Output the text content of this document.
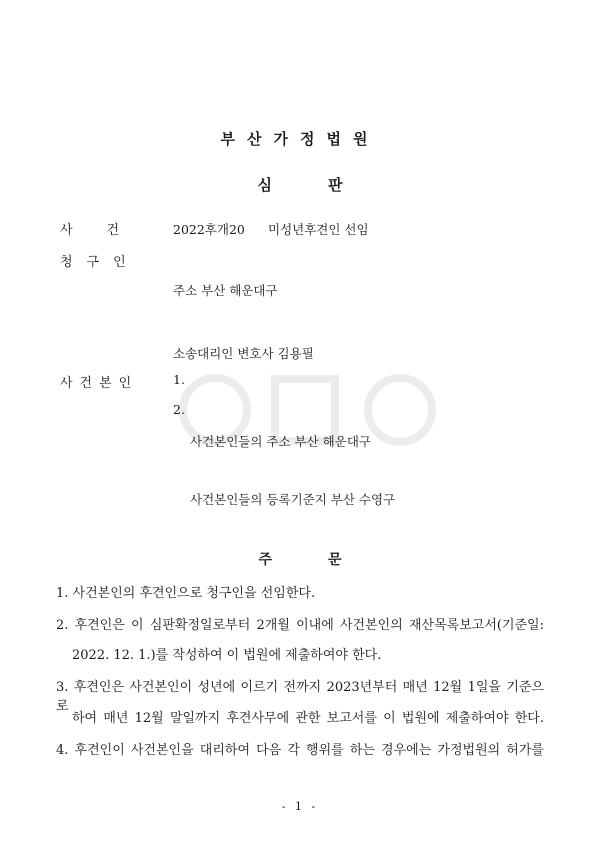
부산가정법원
심판
사건 2022후개20 미성년후견인 선임
청구인
주소 부산 해운대구
소송대리인 변호사 김용필
사건본인	1.
2.
사건본인들의 주소 부산 해운대구
사건본인들의 등록기준지 부산 수영구
주문
1. 사건본인의 후견인으로 청구인을 선임한다.
2. 후견인은 이 심판확정일로부터 2개월 이내에 사건본인의 재산목록보고서(기준일:
2022. 12. 1.)를 작성하여 이 법원에 제출하여야 한다.
3. 후견인은 사건본인이 성년에 이르기 전까지 2023년부터 매년 12월 1일을 기준으로
하여 매년 12월 말일까지 후견사무에 관한 보고서를 이 법원에 제출하여야 한다.
4. 후견인이 사건본인을 대리하여 다음 각 행위를 하는 경우에는 가정법원의 허가를
- 1 -
